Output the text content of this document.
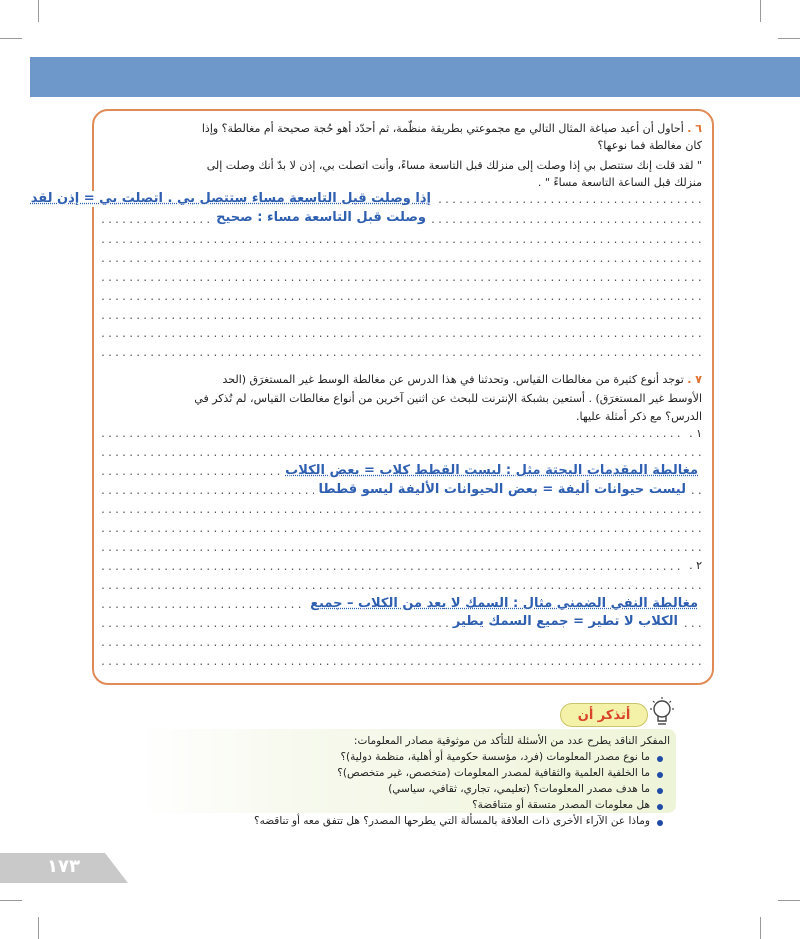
٦ . أحاول أن أعيد صياغة المثال التالي مع مجموعتي بطريقة منظّمة، ثم أحدّد أهو حُجة صحيحة أم مغالطة؟ وإذا
كان مغالطة فما نوعها؟
" لقد قلت إنك ستتصل بي إذا وصلت إلى منزلك قبل التاسعة مساءً، وأنت اتصلت بي، إذن لا بدّ أنك وصلت إلى
منزلك قبل الساعة التاسعة مساءً " .
.....
.....
.....
.....
.....
.....
.....
.....
.....
إذا وصلت قبل التاسعة مساء ستتصل بي . اتصلت بي = إذن لقد
وصلت قبل التاسعة مساء : صحيح
٧ . توجد أنوع كثيرة من مغالطات القياس. وتحدثنا في هذا الدرس عن مغالطة الوسط غير المستغرَق (الحد
الأوسط غير المستغرَق) . أستعين بشبكة الإنترنت للبحث عن اثنين آخرين من أنواع مغالطات القياس، لم تُذكر في
الدرس؟ مع ذكر أمثلة عليها.
.....
١ .
.....
.....
.....
.....
.....
.....
.....
٢ .
.....
.....
.....
.....
.....
مغالطة المقدمات البحتة مثل : ليست القطط كلاب = بعض الكلاب
ليست حيوانات أليفة = بعض الحيوانات الأليفة ليسو قططا
مغالطة النفي الضمني مثال : السمك لا يعد من الكلاب – جميع
الكلاب لا تطير = جميع السمك يطير
أتذكر أن
المفكر الناقد يطرح عدد من الأسئلة للتأكد من موثوقية مصادر المعلومات:
ما نوع مصدر المعلومات (فرد، مؤسسة حكومية أو أهلية، منظمة دولية)؟
ما الخلفية العلمية والثقافية لمصدر المعلومات (متخصص، غير متخصص)؟
ما هدف مصدر المعلومات؟ (تعليمي، تجاري، ثقافي، سياسي)
هل معلومات المصدر متسقة أو متناقضة؟
وماذا عن الآراء الأخرى ذات العلاقة بالمسألة التي يطرحها المصدر؟ هل تتفق معه أو تناقضه؟
١٧٣
